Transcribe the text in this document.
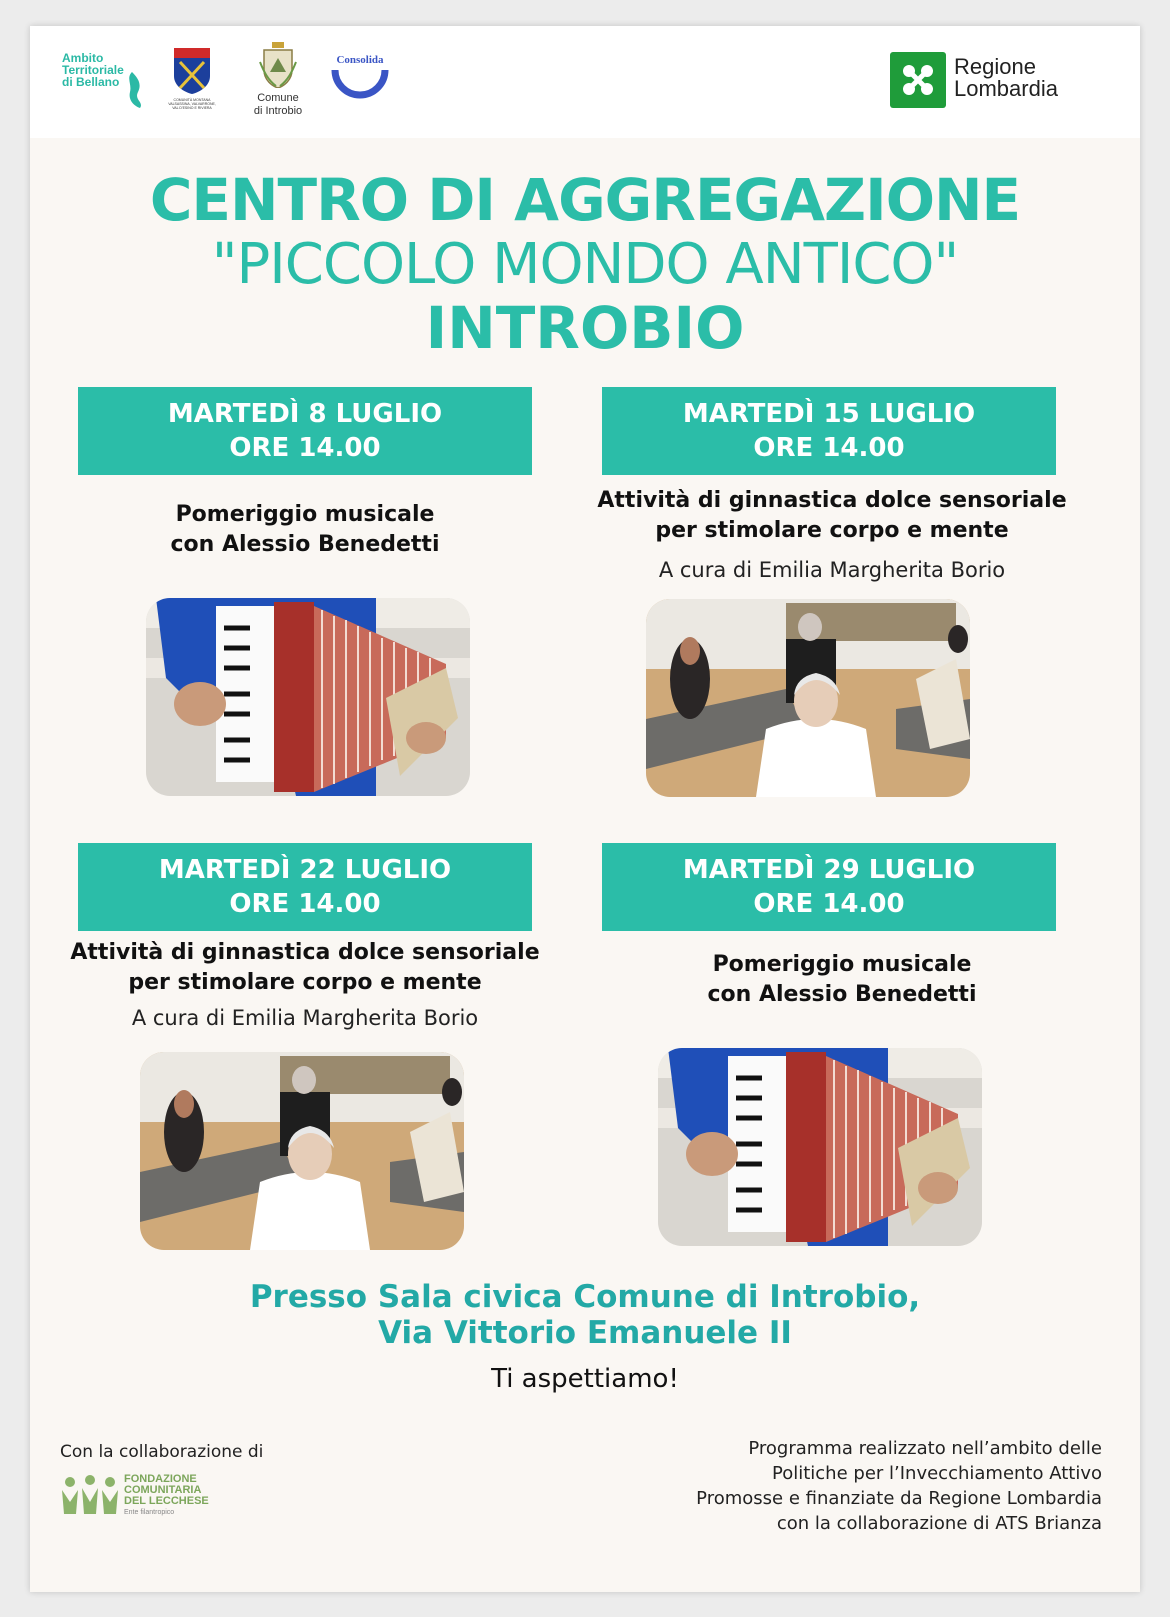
Ambito
Territoriale
di Bellano
COMUNITÀ MONTANA
VALSASSINA, VALVARRONE,
VAL D'ESINO E RIVIERA
Comune
di Introbio
Consolida	Regione
Lombardia
CENTRO DI AGGREGAZIONE
"PICCOLO MONDO ANTICO"
INTROBIO
MARTEDÌ 8 LUGLIO
ORE 14.00
Pomeriggio musicale
con Alessio Benedetti
MARTEDÌ 15 LUGLIO
ORE 14.00
Attività di ginnastica dolce sensoriale
per stimolare corpo e mente
A cura di Emilia Margherita Borio
MARTEDÌ 22 LUGLIO
ORE 14.00
Attività di ginnastica dolce sensoriale
per stimolare corpo e mente
A cura di Emilia Margherita Borio
MARTEDÌ 29 LUGLIO
ORE 14.00
Pomeriggio musicale
con Alessio Benedetti
Presso Sala civica Comune di Introbio,
Via Vittorio Emanuele II
Ti aspettiamo!
Con la collaborazione di
FONDAZIONE
COMUNITARIA
DEL LECCHESE
Ente filantropico
Programma realizzato nell’ambito delle
Politiche per l’Invecchiamento Attivo
Promosse e finanziate da Regione Lombardia
con la collaborazione di ATS Brianza
